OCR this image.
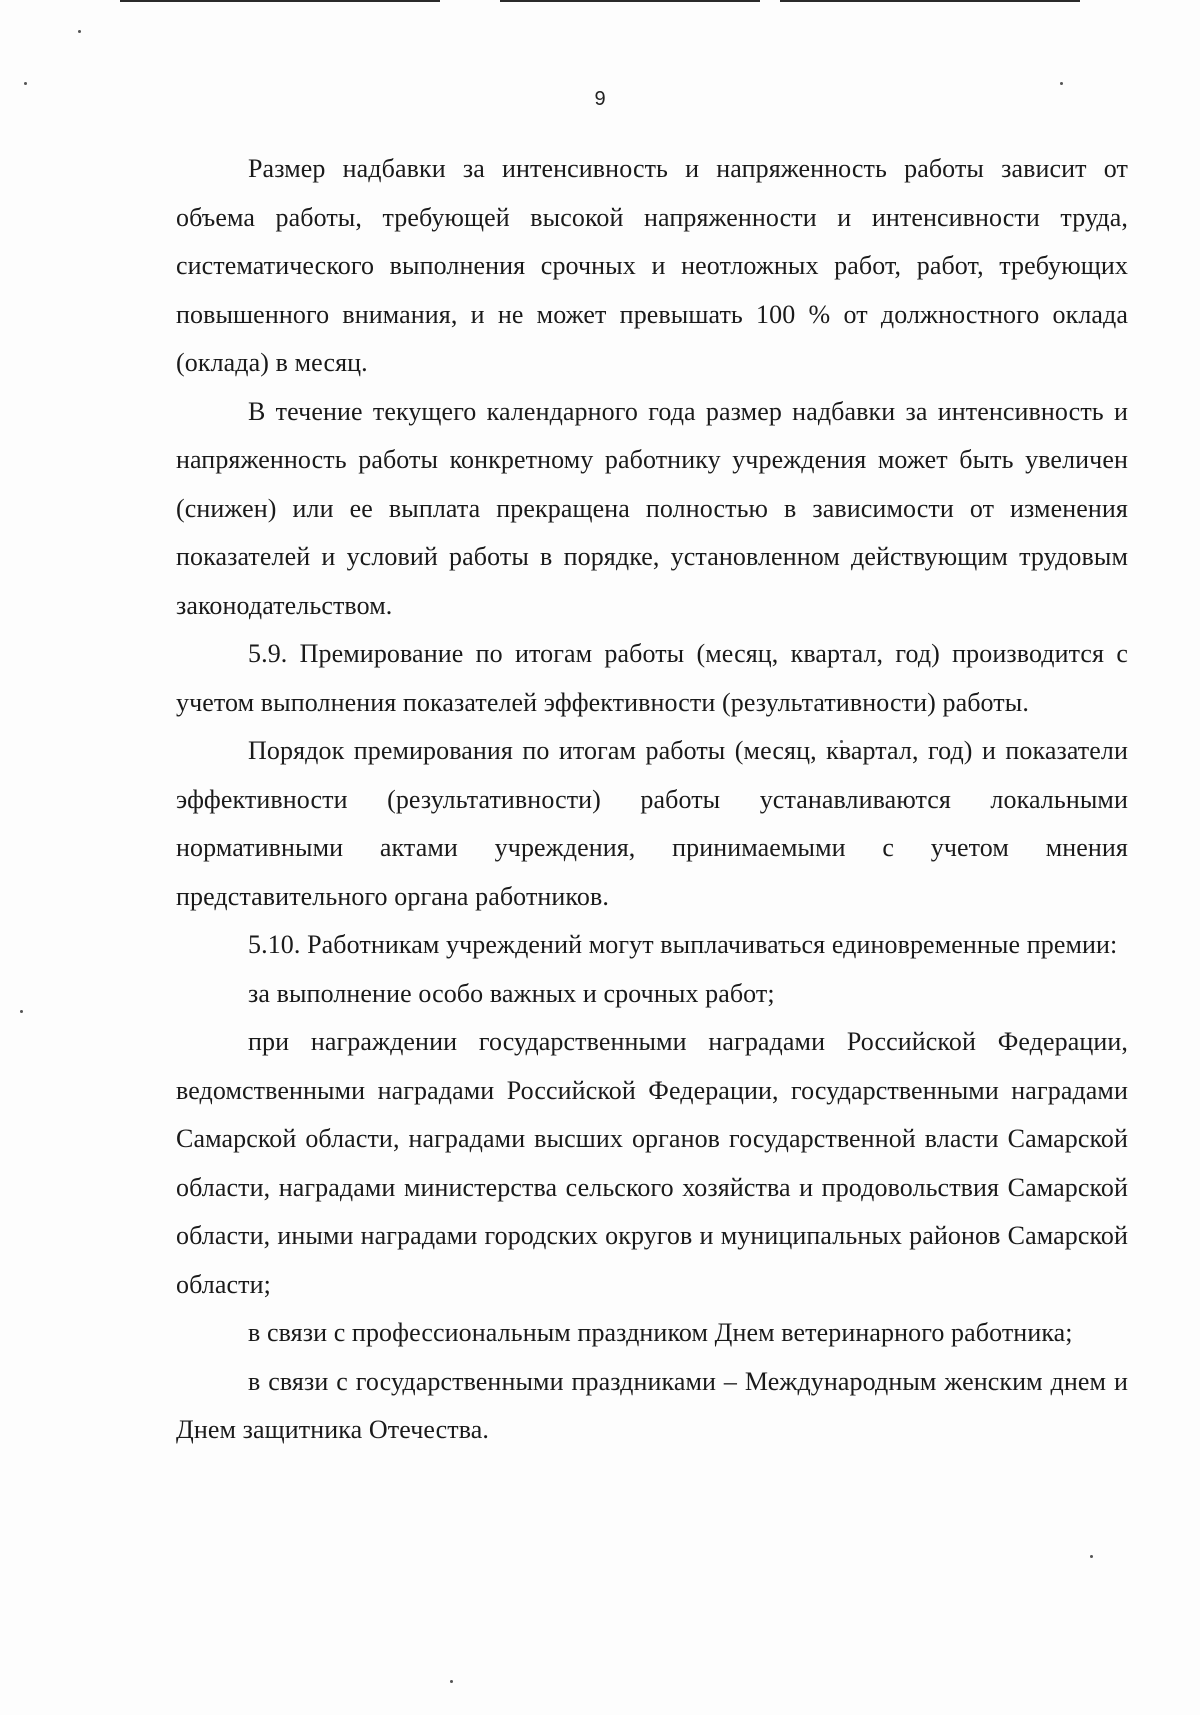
9

Размер надбавки за интенсивность и напряженность работы зависит от объема работы, требующей высокой напряженности и интенсивности труда, систематического выполнения срочных и неотложных работ, работ, требующих повышенного внимания, и не может превышать 100 % от должностного оклада (оклада) в месяц.

В течение текущего календарного года размер надбавки за интенсивность и напряженность работы конкретному работнику учреждения может быть увеличен (снижен) или ее выплата прекращена полностью в зависимости от изменения показателей и условий работы в порядке, установленном действующим трудовым законодательством.

5.9. Премирование по итогам работы (месяц, квартал, год) производится с учетом выполнения показателей эффективности (результативности) работы.

Порядок премирования по итогам работы (месяц, квартал, год) и показатели эффективности (результативности) работы устанавливаются локальными нормативными актами учреждения, принимаемыми с учетом мнения представительного органа работников.

5.10. Работникам учреждений могут выплачиваться единовременные премии:

за выполнение особо важных и срочных работ;

при награждении государственными наградами Российской Федерации, ведомственными наградами Российской Федерации, государственными наградами Самарской области, наградами высших органов государственной власти Самарской области, наградами министерства сельского хозяйства и продовольствия Самарской области, иными наградами городских округов и муниципальных районов Самарской области;

в связи с профессиональным праздником Днем ветеринарного работника;

в связи с государственными праздниками – Международным женским днем и Днем защитника Отечества.
